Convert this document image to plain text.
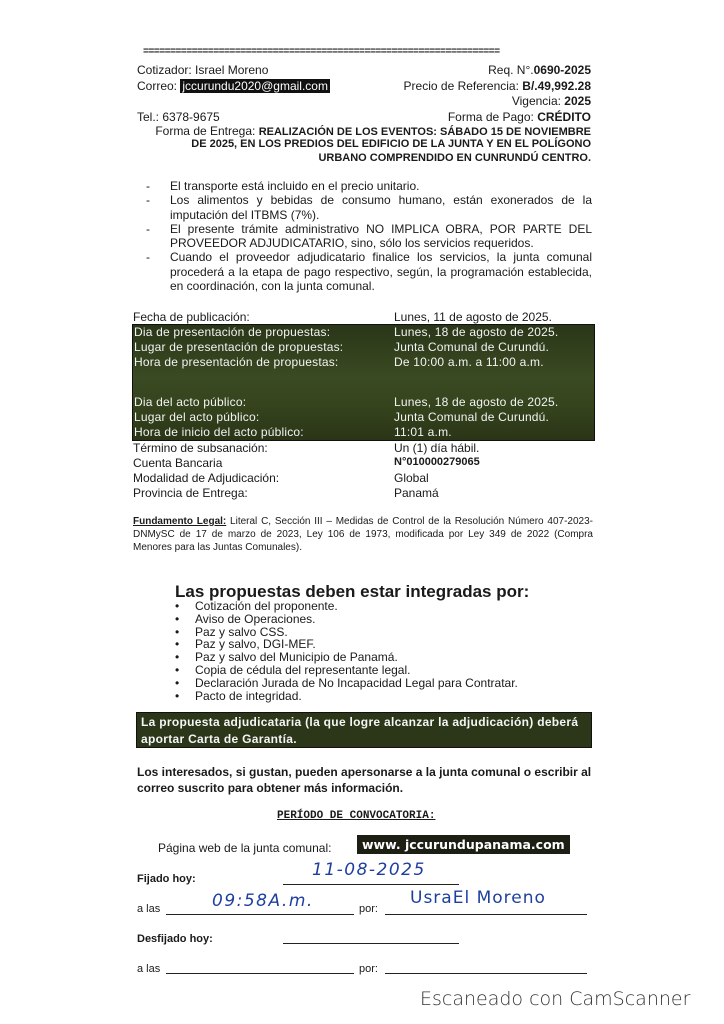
==================================================================
Cotizador: Israel Moreno
Correo: jccurundu2020@gmail.com
Tel.: 6378-9675
Req. N°.0690-2025
Precio de Referencia: B/.49,992.28
Vigencia: 2025
Forma de Pago: CRÉDITO
Forma de Entrega: REALIZACIÓN DE LOS EVENTOS: SÁBADO 15 DE NOVIEMBRE
DE 2025, EN LOS PREDIOS DEL EDIFICIO DE LA JUNTA Y EN EL POLÍGONO
URBANO COMPRENDIDO EN CUNRUNDÚ CENTRO.
-	El transporte está incluido en el precio unitario.
-	Los alimentos y bebidas de consumo humano, están exonerados de la imputación del ITBMS (7%).
-	El presente trámite administrativo NO IMPLICA OBRA, POR PARTE DEL PROVEEDOR ADJUDICATARIO, sino, sólo los servicios requeridos.
-	Cuando el proveedor adjudicatario finalice los servicios, la junta comunal procederá a la etapa de pago respectivo, según, la programación establecida, en coordinación, con la junta comunal.
Fecha de publicación:	Lunes, 11 de agosto de 2025.
Dia de presentación de propuestas:	Lunes, 18 de agosto de 2025.
Lugar de presentación de propuestas:	Junta Comunal de Curundú.
Hora de presentación de propuestas:	De 10:00 a.m. a 11:00 a.m.
Dia del acto público:	Lunes, 18 de agosto de 2025.
Lugar del acto público:	Junta Comunal de Curundú.
Hora de inicio del acto público:	11:01 a.m.
Término de subsanación:	Un (1) día hábil.
Cuenta Bancaria	N°010000279065
Modalidad de Adjudicación:	Global
Provincia de Entrega:	Panamá
Fundamento Legal: Literal C, Sección III – Medidas de Control de la Resolución Número 407-2023-DNMySC de 17 de marzo de 2023, Ley 106 de 1973, modificada por Ley 349 de 2022 (Compra Menores para las Juntas Comunales).
Las propuestas deben estar integradas por:
•	Cotización del proponente.
•	Aviso de Operaciones.
•	Paz y salvo CSS.
•	Paz y salvo, DGI-MEF.
•	Paz y salvo del Municipio de Panamá.
•	Copia de cédula del representante legal.
•	Declaración Jurada de No Incapacidad Legal para Contratar.
•	Pacto de integridad.
La propuesta adjudicataria (la que logre alcanzar la adjudicación) deberá aportar Carta de Garantía.
Los interesados, si gustan, pueden apersonarse a la junta comunal o escribir al correo suscrito para obtener más información.
PERÍODO DE CONVOCATORIA:
Página web de la junta comunal:	www. jccurundupanama.com
Fijado hoy:	11-08-2025
a las	09:58A.m.	por:
UsraEl Moreno
Desfijado hoy:
a las	por:
Escaneado con CamScanner
